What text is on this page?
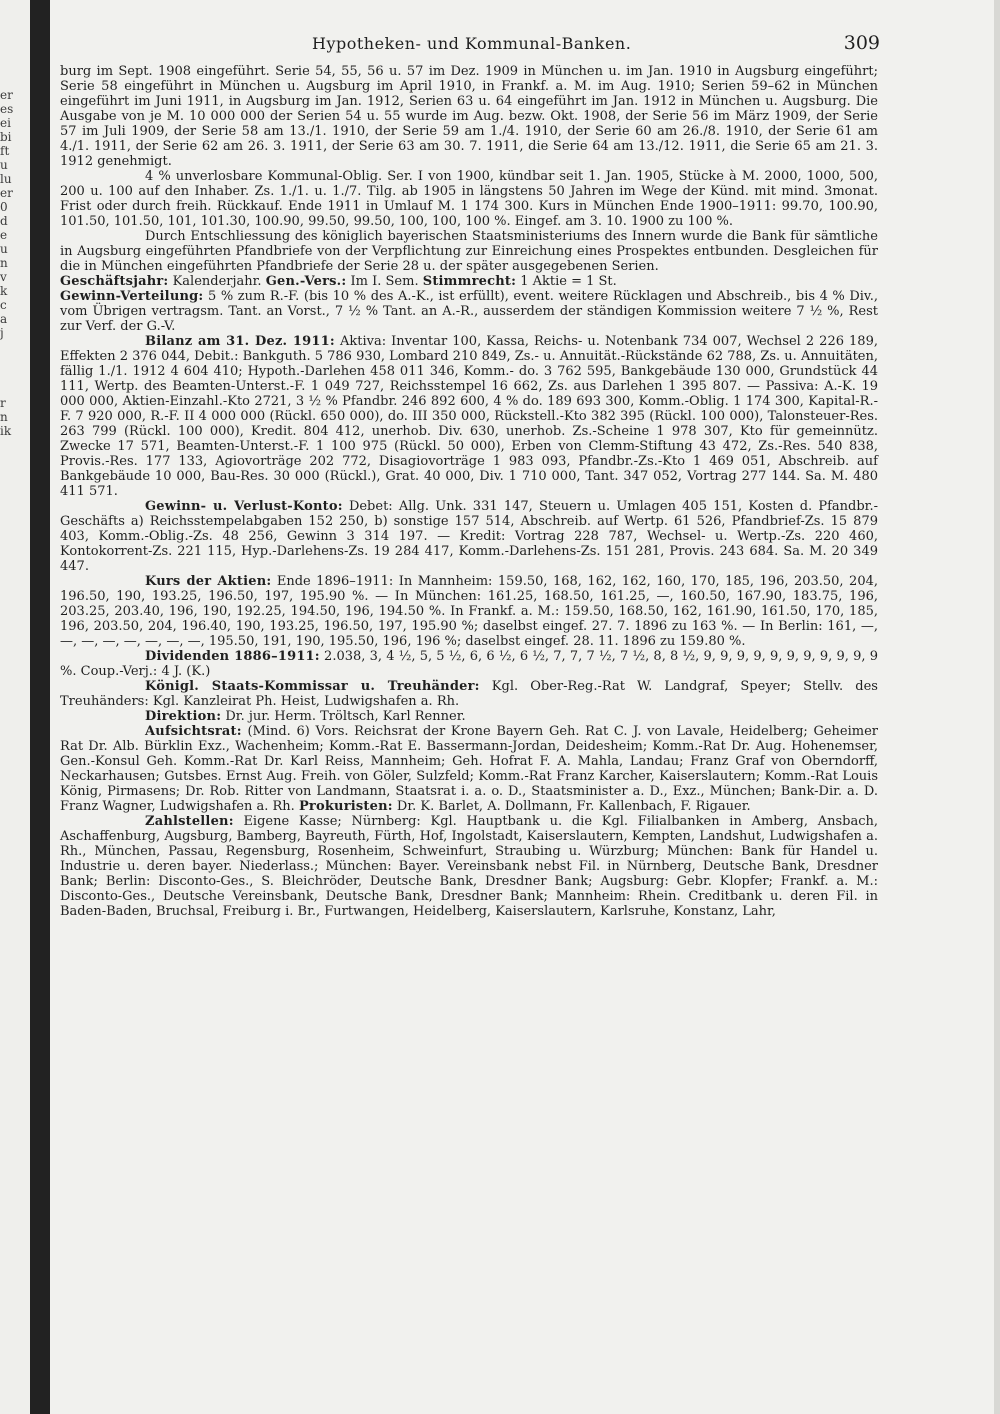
er
es
ei
bi
ft
u
lu
er
0
d
e
u
n
v
k
c
a
j
r
n
ik
Hypotheken- und Kommunal-Banken.	309

burg im Sept. 1908 eingeführt. Serie 54, 55, 56 u. 57 im Dez. 1909 in München u. im Jan. 1910 in Augsburg eingeführt; Serie 58 eingeführt in München u. Augsburg im April 1910, in Frankf. a. M. im Aug. 1910; Serien 59–62 in München eingeführt im Juni 1911, in Augsburg im Jan. 1912, Serien 63 u. 64 eingeführt im Jan. 1912 in München u. Augsburg. Die Ausgabe von je M. 10 000 000 der Serien 54 u. 55 wurde im Aug. bezw. Okt. 1908, der Serie 56 im März 1909, der Serie 57 im Juli 1909, der Serie 58 am 13./1. 1910, der Serie 59 am 1./4. 1910, der Serie 60 am 26./8. 1910, der Serie 61 am 4./1. 1911, der Serie 62 am 26. 3. 1911, der Serie 63 am 30. 7. 1911, die Serie 64 am 13./12. 1911, die Serie 65 am 21. 3. 1912 genehmigt.

4 % unverlosbare Kommunal-Oblig. Ser. I von 1900, kündbar seit 1. Jan. 1905, Stücke à M. 2000, 1000, 500, 200 u. 100 auf den Inhaber. Zs. 1./1. u. 1./7. Tilg. ab 1905 in längstens 50 Jahren im Wege der Künd. mit mind. 3monat. Frist oder durch freih. Rückkauf. Ende 1911 in Umlauf M. 1 174 300. Kurs in München Ende 1900–1911: 99.70, 100.90, 101.50, 101.50, 101, 101.30, 100.90, 99.50, 99.50, 100, 100, 100 %. Eingef. am 3. 10. 1900 zu 100 %.

Durch Entschliessung des königlich bayerischen Staatsministeriums des Innern wurde die Bank für sämtliche in Augsburg eingeführten Pfandbriefe von der Verpflichtung zur Einreichung eines Prospektes entbunden. Desgleichen für die in München eingeführten Pfandbriefe der Serie 28 u. der später ausgegebenen Serien.

Geschäftsjahr: Kalenderjahr. Gen.-Vers.: Im I. Sem. Stimmrecht: 1 Aktie = 1 St.

Gewinn-Verteilung: 5 % zum R.-F. (bis 10 % des A.-K., ist erfüllt), event. weitere Rücklagen und Abschreib., bis 4 % Div., vom Übrigen vertragsm. Tant. an Vorst., 7 ½ % Tant. an A.-R., ausserdem der ständigen Kommission weitere 7 ½ %, Rest zur Verf. der G.-V.

Bilanz am 31. Dez. 1911: Aktiva: Inventar 100, Kassa, Reichs- u. Notenbank 734 007, Wechsel 2 226 189, Effekten 2 376 044, Debit.: Bankguth. 5 786 930, Lombard 210 849, Zs.- u. Annuität.-Rückstände 62 788, Zs. u. Annuitäten, fällig 1./1. 1912 4 604 410; Hypoth.-Darlehen 458 011 346, Komm.- do. 3 762 595, Bankgebäude 130 000, Grundstück 44 111, Wertp. des Beamten-Unterst.-F. 1 049 727, Reichsstempel 16 662, Zs. aus Darlehen 1 395 807. — Passiva: A.-K. 19 000 000, Aktien-Einzahl.-Kto 2721, 3 ½ % Pfandbr. 246 892 600, 4 % do. 189 693 300, Komm.-Oblig. 1 174 300, Kapital-R.-F. 7 920 000, R.-F. II 4 000 000 (Rückl. 650 000), do. III 350 000, Rückstell.-Kto 382 395 (Rückl. 100 000), Talonsteuer-Res. 263 799 (Rückl. 100 000), Kredit. 804 412, unerhob. Div. 630, unerhob. Zs.-Scheine 1 978 307, Kto für gemeinnütz. Zwecke 17 571, Beamten-Unterst.-F. 1 100 975 (Rückl. 50 000), Erben von Clemm-Stiftung 43 472, Zs.-Res. 540 838, Provis.-Res. 177 133, Agiovorträge 202 772, Disagiovorträge 1 983 093, Pfandbr.-Zs.-Kto 1 469 051, Abschreib. auf Bankgebäude 10 000, Bau-Res. 30 000 (Rückl.), Grat. 40 000, Div. 1 710 000, Tant. 347 052, Vortrag 277 144. Sa. M. 480 411 571.

Gewinn- u. Verlust-Konto: Debet: Allg. Unk. 331 147, Steuern u. Umlagen 405 151, Kosten d. Pfandbr.-Geschäfts a) Reichsstempelabgaben 152 250, b) sonstige 157 514, Abschreib. auf Wertp. 61 526, Pfandbrief-Zs. 15 879 403, Komm.-Oblig.-Zs. 48 256, Gewinn 3 314 197. — Kredit: Vortrag 228 787, Wechsel- u. Wertp.-Zs. 220 460, Kontokorrent-Zs. 221 115, Hyp.-Darlehens-Zs. 19 284 417, Komm.-Darlehens-Zs. 151 281, Provis. 243 684. Sa. M. 20 349 447.

Kurs der Aktien: Ende 1896–1911: In Mannheim: 159.50, 168, 162, 162, 160, 170, 185, 196, 203.50, 204, 196.50, 190, 193.25, 196.50, 197, 195.90 %. — In München: 161.25, 168.50, 161.25, —, 160.50, 167.90, 183.75, 196, 203.25, 203.40, 196, 190, 192.25, 194.50, 196, 194.50 %. In Frankf. a. M.: 159.50, 168.50, 162, 161.90, 161.50, 170, 185, 196, 203.50, 204, 196.40, 190, 193.25, 196.50, 197, 195.90 %; daselbst eingef. 27. 7. 1896 zu 163 %. — In Berlin: 161, —, —, —, —, —, —, —, —, 195.50, 191, 190, 195.50, 196, 196 %; daselbst eingef. 28. 11. 1896 zu 159.80 %.

Dividenden 1886–1911: 2.038, 3, 4 ½, 5, 5 ½, 6, 6 ½, 6 ½, 7, 7, 7 ½, 7 ½, 8, 8 ½, 9, 9, 9, 9, 9, 9, 9, 9, 9, 9, 9 %. Coup.-Verj.: 4 J. (K.)

Königl. Staats-Kommissar u. Treuhänder: Kgl. Ober-Reg.-Rat W. Landgraf, Speyer; Stellv. des Treuhänders: Kgl. Kanzleirat Ph. Heist, Ludwigshafen a. Rh.

Direktion: Dr. jur. Herm. Tröltsch, Karl Renner.

Aufsichtsrat: (Mind. 6) Vors. Reichsrat der Krone Bayern Geh. Rat C. J. von Lavale, Heidelberg; Geheimer Rat Dr. Alb. Bürklin Exz., Wachenheim; Komm.-Rat E. Bassermann-Jordan, Deidesheim; Komm.-Rat Dr. Aug. Hohenemser, Gen.-Konsul Geh. Komm.-Rat Dr. Karl Reiss, Mannheim; Geh. Hofrat F. A. Mahla, Landau; Franz Graf von Oberndorff, Neckarhausen; Gutsbes. Ernst Aug. Freih. von Göler, Sulzfeld; Komm.-Rat Franz Karcher, Kaiserslautern; Komm.-Rat Louis König, Pirmasens; Dr. Rob. Ritter von Landmann, Staatsrat i. a. o. D., Staatsminister a. D., Exz., München; Bank-Dir. a. D. Franz Wagner, Ludwigshafen a. Rh. Prokuristen: Dr. K. Barlet, A. Dollmann, Fr. Kallenbach, F. Rigauer.

Zahlstellen: Eigene Kasse; Nürnberg: Kgl. Hauptbank u. die Kgl. Filialbanken in Amberg, Ansbach, Aschaffenburg, Augsburg, Bamberg, Bayreuth, Fürth, Hof, Ingolstadt, Kaiserslautern, Kempten, Landshut, Ludwigshafen a. Rh., München, Passau, Regensburg, Rosenheim, Schweinfurt, Straubing u. Würzburg; München: Bank für Handel u. Industrie u. deren bayer. Niederlass.; München: Bayer. Vereinsbank nebst Fil. in Nürnberg, Deutsche Bank, Dresdner Bank; Berlin: Disconto-Ges., S. Bleichröder, Deutsche Bank, Dresdner Bank; Augsburg: Gebr. Klopfer; Frankf. a. M.: Disconto-Ges., Deutsche Vereinsbank, Deutsche Bank, Dresdner Bank; Mannheim: Rhein. Creditbank u. deren Fil. in Baden-Baden, Bruchsal, Freiburg i. Br., Furtwangen, Heidelberg, Kaiserslautern, Karlsruhe, Konstanz, Lahr,
